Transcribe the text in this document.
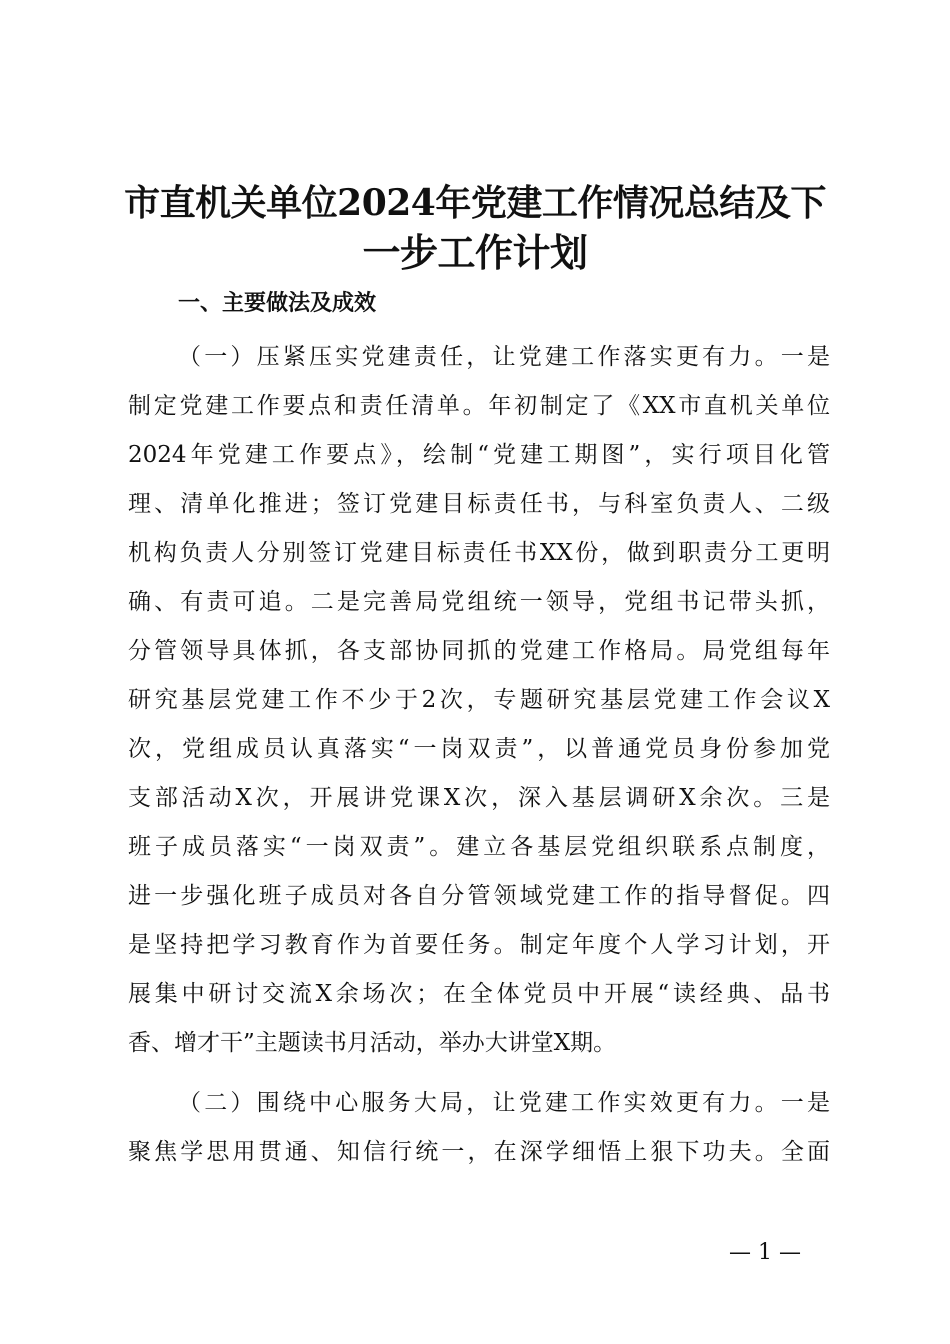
市直机关单位2024年党建工作情况总结及下
一步工作计划
一、主要做法及成效

（一）压紧压实党建责任，让党建工作落实更有力。一是
制定党建工作要点和责任清单。年初制定了《XX市直机关单位
2024年党建工作要点》，绘制“党建工期图”，实行项目化管
理、清单化推进；签订党建目标责任书，与科室负责人、二级
机构负责人分别签订党建目标责任书XX份，做到职责分工更明
确、有责可追。二是完善局党组统一领导，党组书记带头抓，
分管领导具体抓，各支部协同抓的党建工作格局。局党组每年
研究基层党建工作不少于2次，专题研究基层党建工作会议X
次，党组成员认真落实“一岗双责”，以普通党员身份参加党
支部活动X次，开展讲党课X次，深入基层调研X余次。三是
班子成员落实“一岗双责”。建立各基层党组织联系点制度，
进一步强化班子成员对各自分管领域党建工作的指导督促。四
是坚持把学习教育作为首要任务。制定年度个人学习计划，开
展集中研讨交流X余场次；在全体党员中开展“读经典、品书
香、增才干”主题读书月活动，举办大讲堂X期。

（二）围绕中心服务大局，让党建工作实效更有力。一是
聚焦学思用贯通、知信行统一，在深学细悟上狠下功夫。全面

— 1 —
